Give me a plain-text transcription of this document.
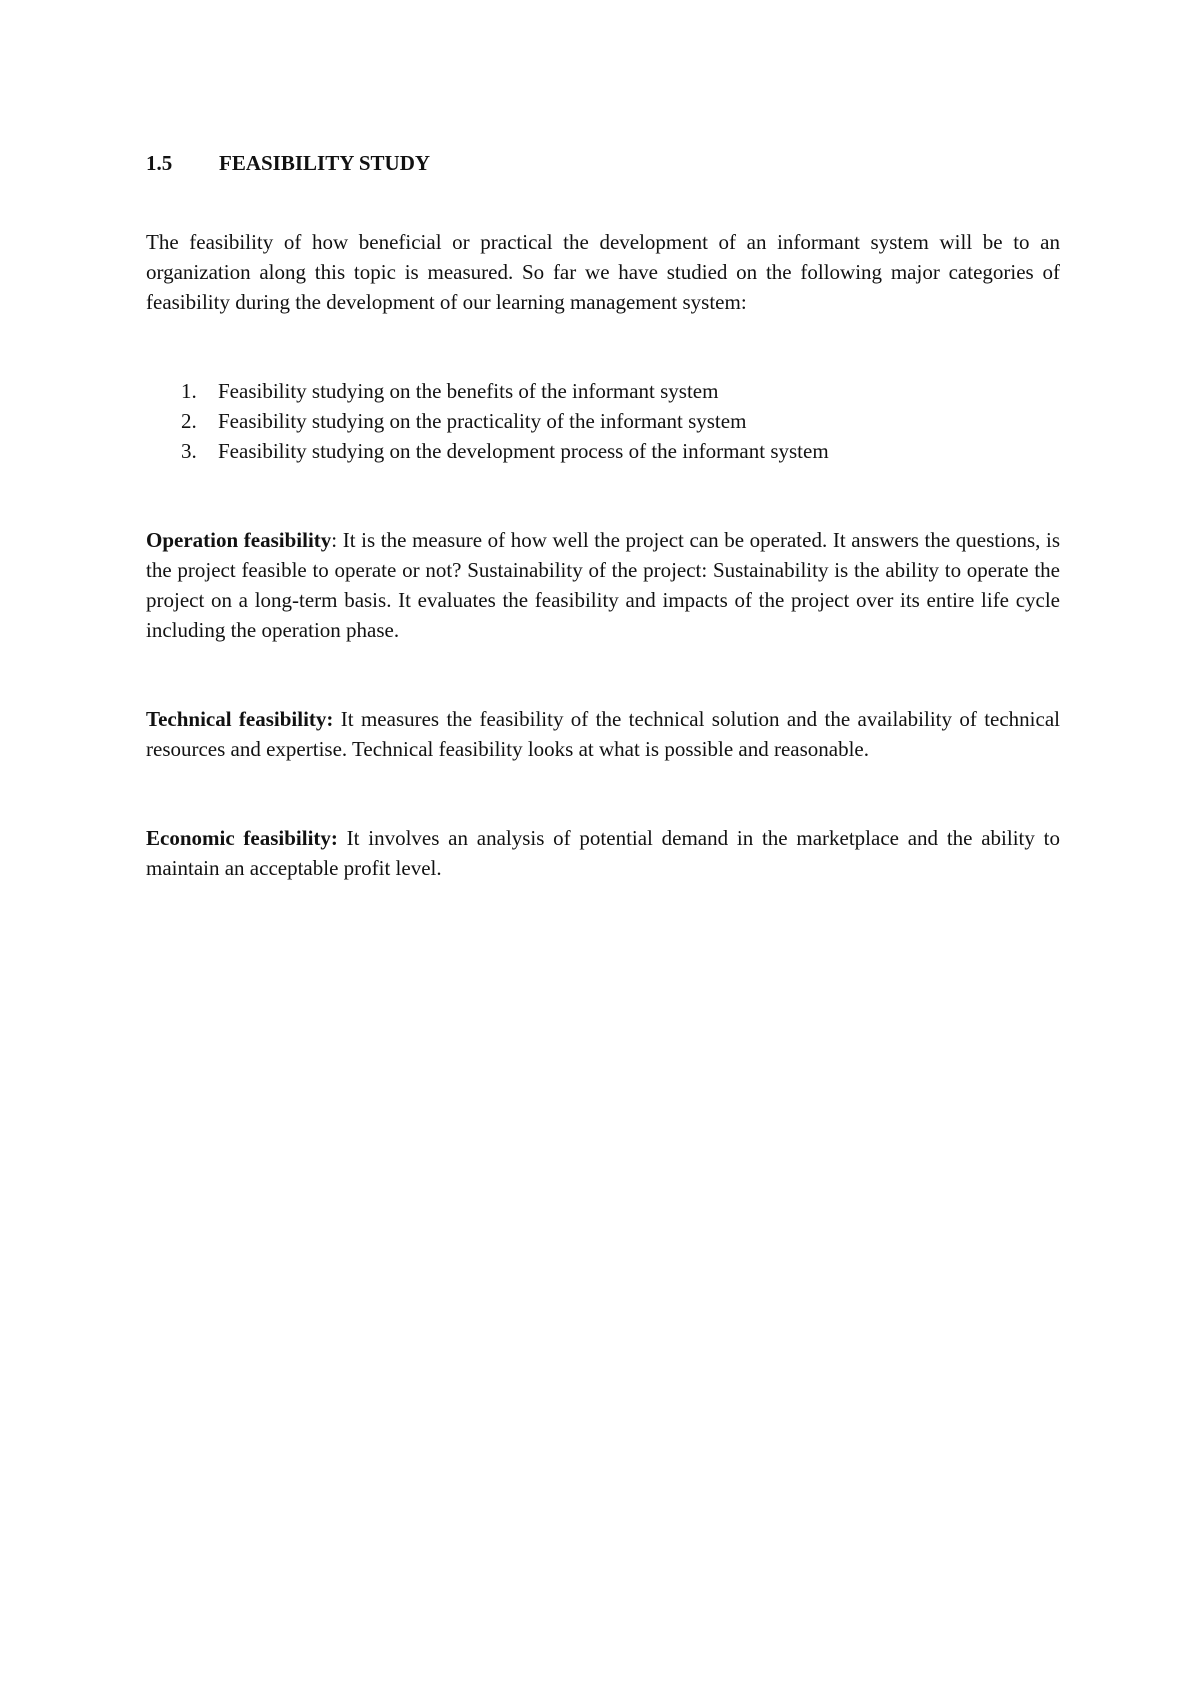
1.5	FEASIBILITY STUDY

The feasibility of how beneficial or practical the development of an informant system will be to an organization along this topic is measured. So far we have studied on the following major categories of feasibility during the development of our learning management system:

1.	Feasibility studying on the benefits of the informant system
2.	Feasibility studying on the practicality of the informant system
3.	Feasibility studying on the development process of the informant system

Operation feasibility: It is the measure of how well the project can be operated. It answers the questions, is the project feasible to operate or not? Sustainability of the project: Sustainability is the ability to operate the project on a long-term basis. It evaluates the feasibility and impacts of the project over its entire life cycle including the operation phase.

Technical feasibility: It measures the feasibility of the technical solution and the availability of technical resources and expertise. Technical feasibility looks at what is possible and reasonable.

Economic feasibility: It involves an analysis of potential demand in the marketplace and the ability to maintain an acceptable profit level.
